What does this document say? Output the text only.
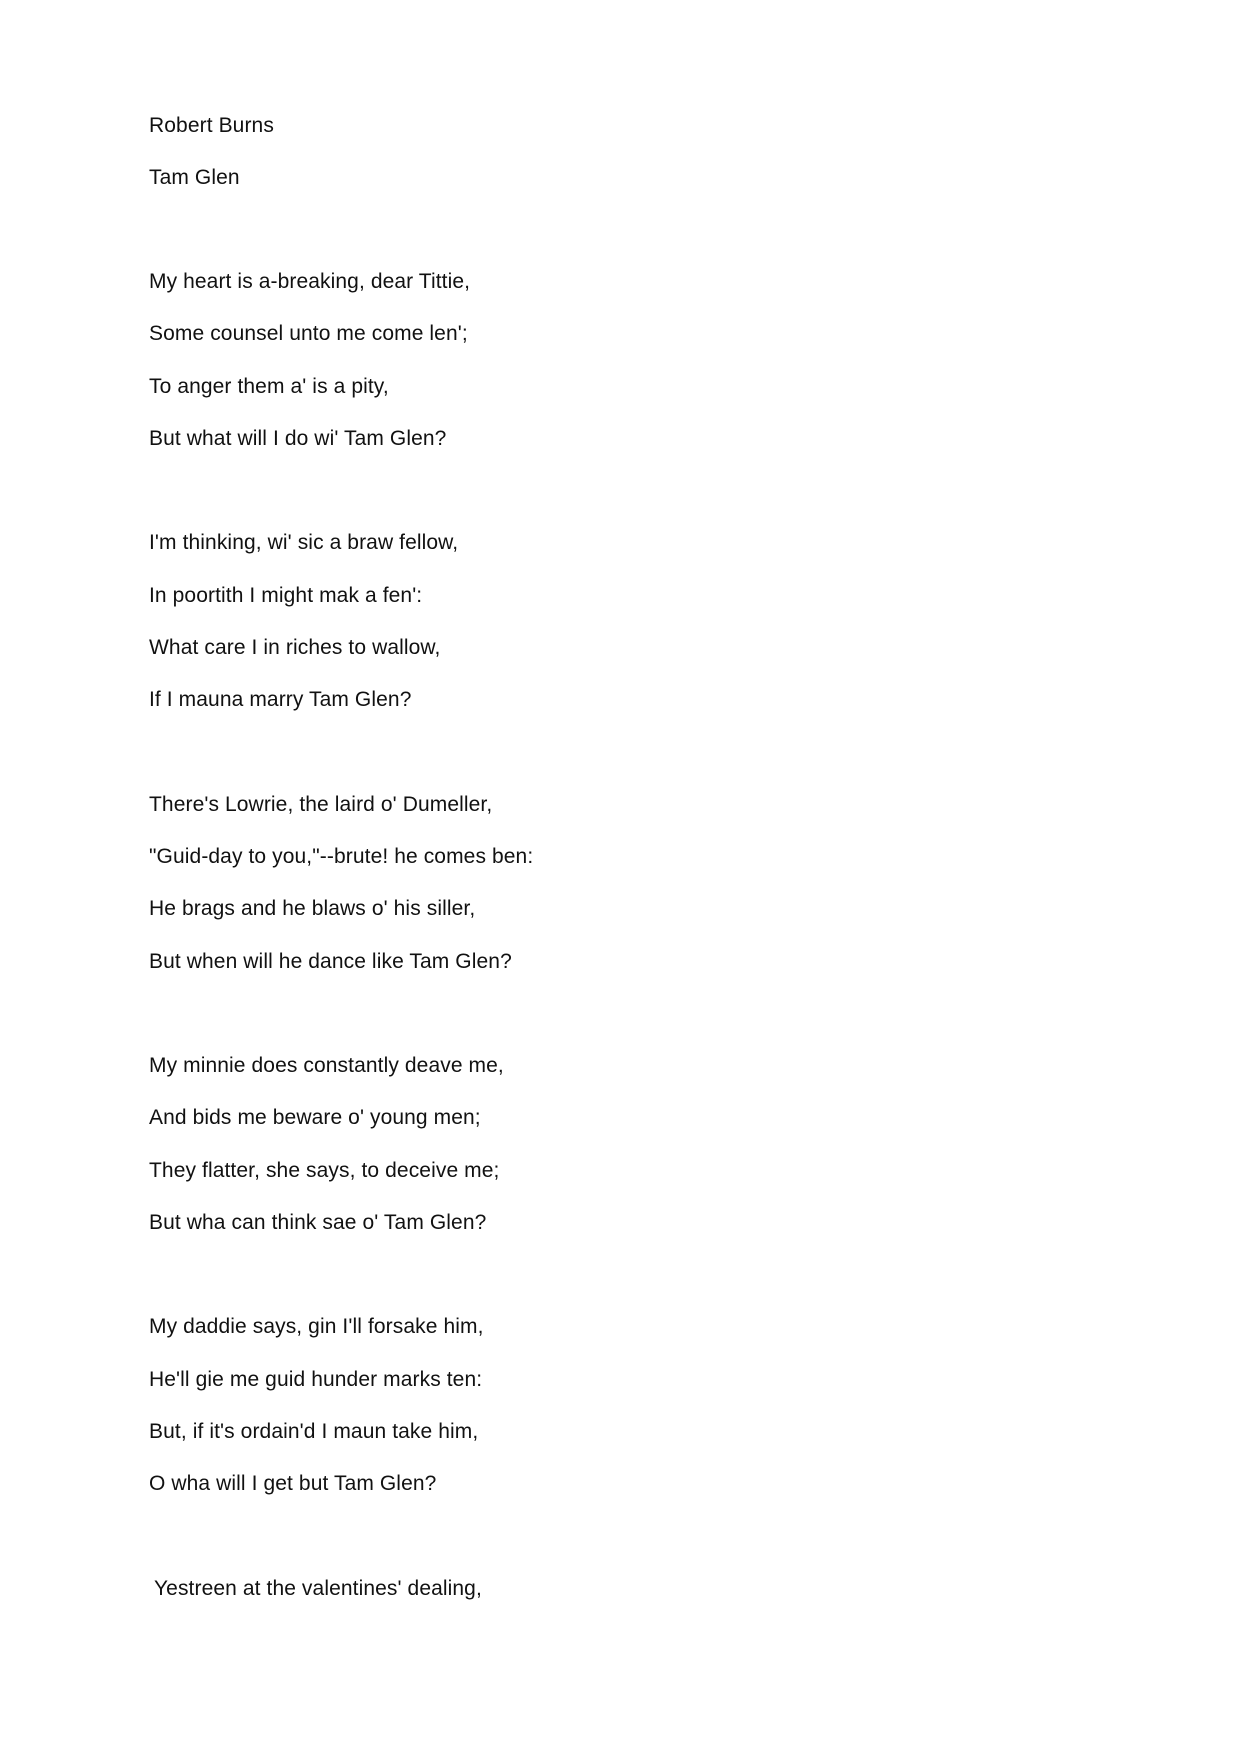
Robert Burns
Tam Glen
My heart is a-breaking, dear Tittie,
Some counsel unto me come len';
To anger them a' is a pity,
But what will I do wi' Tam Glen?
I'm thinking, wi' sic a braw fellow,
In poortith I might mak a fen':
What care I in riches to wallow,
If I mauna marry Tam Glen?
There's Lowrie, the laird o' Dumeller,
"Guid-day to you,"--brute! he comes ben:
He brags and he blaws o' his siller,
But when will he dance like Tam Glen?
My minnie does constantly deave me,
And bids me beware o' young men;
They flatter, she says, to deceive me;
But wha can think sae o' Tam Glen?
My daddie says, gin I'll forsake him,
He'll gie me guid hunder marks ten:
But, if it's ordain'd I maun take him,
O wha will I get but Tam Glen?
Yestreen at the valentines' dealing,
